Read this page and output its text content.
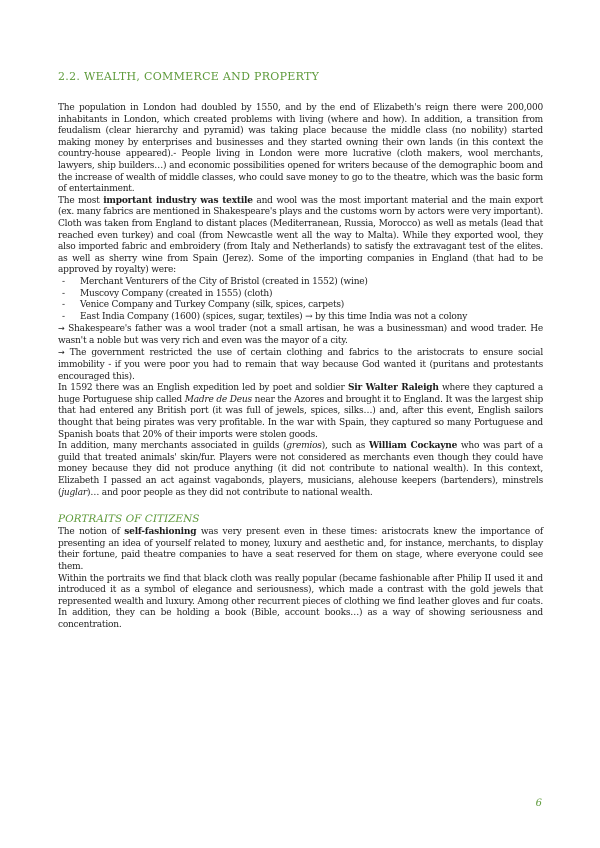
2.2. WEALTH, COMMERCE AND PROPERTY

The population in London had doubled by 1550, and by the end of Elizabeth's reign there were 200,000 inhabitants in London, which created problems with living (where and how). In addition, a transition from feudalism (clear hierarchy and pyramid) was taking place because the middle class (no nobility) started making money by enterprises and businesses and they started owning their own lands (in this context the country-house appeared).- People living in London were more lucrative (cloth makers, wool merchants, lawyers, ship builders…) and economic possibilities opened for writers because of the demographic boom and the increase of wealth of middle classes, who could save money to go to the theatre, which was the basic form of entertainment.

The most important industry was textile and wool was the most important material and the main export (ex. many fabrics are mentioned in Shakespeare's plays and the customs worn by actors were very important). Cloth was taken from England to distant places (Mediterranean, Russia, Morocco) as well as metals (lead that reached even turkey) and coal (from Newcastle went all the way to Malta). While they exported wool, they also imported fabric and embroidery (from Italy and Netherlands) to satisfy the extravagant test of the elites. as well as sherry wine from Spain (Jerez). Some of the importing companies in England (that had to be approved by royalty) were:

- Merchant Venturers of the City of Bristol (created in 1552) (wine)
- Muscovy Company (created in 1555) (cloth)
- Venice Company and Turkey Company (silk, spices, carpets)
- East India Company (1600) (spices, sugar, textiles) → by this time India was not a colony

→ Shakespeare's father was a wool trader (not a small artisan, he was a businessman) and wood trader. He wasn't a noble but was very rich and even was the mayor of a city.

→ The government restricted the use of certain clothing and fabrics to the aristocrats to ensure social immobility - if you were poor you had to remain that way because God wanted it (puritans and protestants encouraged this).

In 1592 there was an English expedition led by poet and soldier Sir Walter Raleigh where they captured a huge Portuguese ship called Madre de Deus near the Azores and brought it to England. It was the largest ship that had entered any British port (it was full of jewels, spices, silks…) and, after this event, English sailors thought that being pirates was very profitable. In the war with Spain, they captured so many Portuguese and Spanish boats that 20% of their imports were stolen goods.

In addition, many merchants associated in guilds (gremios), such as William Cockayne who was part of a guild that treated animals' skin/fur. Players were not considered as merchants even though they could have money because they did not produce anything (it did not contribute to national wealth). In this context, Elizabeth I passed an act against vagabonds, players, musicians, alehouse keepers (bartenders), minstrels (juglar)… and poor people as they did not contribute to national wealth.

PORTRAITS OF CITIZENS

The notion of self-fashioning was very present even in these times: aristocrats knew the importance of presenting an idea of yourself related to money, luxury and aesthetic and, for instance, merchants, to display their fortune, paid theatre companies to have a seat reserved for them on stage, where everyone could see them.

Within the portraits we find that black cloth was really popular (became fashionable after Philip II used it and introduced it as a symbol of elegance and seriousness), which made a contrast with the gold jewels that represented wealth and luxury. Among other recurrent pieces of clothing we find leather gloves and fur coats. In addition, they can be holding a book (Bible, account books…) as a way of showing seriousness and concentration.

6
